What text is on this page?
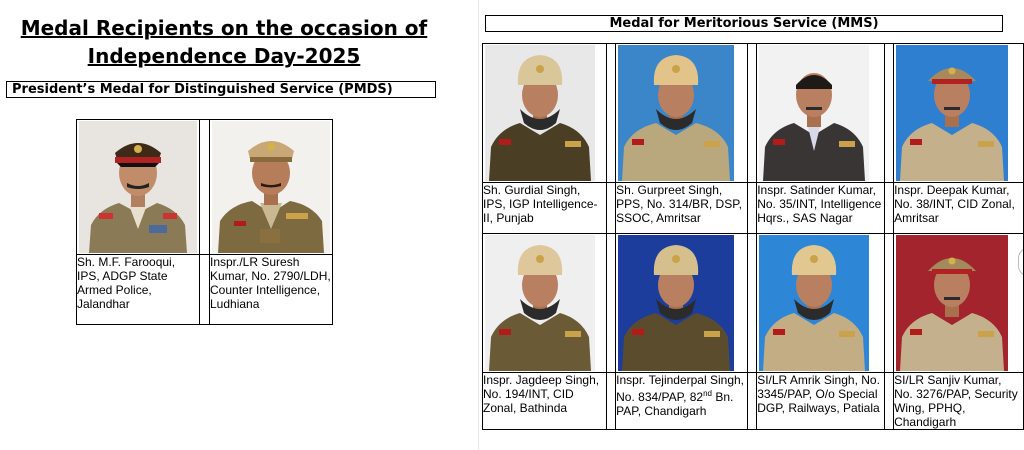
Medal Recipients on the occasion of
Independence Day-2025
President’s Medal for Distinguished Service (PMDS)

Sh. M.F. Farooqui, IPS, ADGP State Armed Police, Jalandhar		Inspr./LR Suresh Kumar, No. 2790/LDH, Counter Intelligence, Ludhiana
Medal for Meritorious Service (MMS)

Sh. Gurdial Singh, IPS, IGP Intelligence-II, Punjab		Sh. Gurpreet Singh, PPS, No. 314/BR, DSP, SSOC, Amritsar		Inspr. Satinder Kumar, No. 35/INT, Intelligence Hqrs., SAS Nagar		Inspr. Deepak Kumar, No. 38/INT, CID Zonal, Amritsar

Inspr. Jagdeep Singh, No. 194/INT, CID Zonal, Bathinda		Inspr. Tejinderpal Singh, No. 834/PAP, 82nd Bn. PAP, Chandigarh		SI/LR Amrik Singh, No. 3345/PAP, O/o Special DGP, Railways, Patiala		SI/LR Sanjiv Kumar, No. 3276/PAP, Security Wing, PPHQ, Chandigarh
